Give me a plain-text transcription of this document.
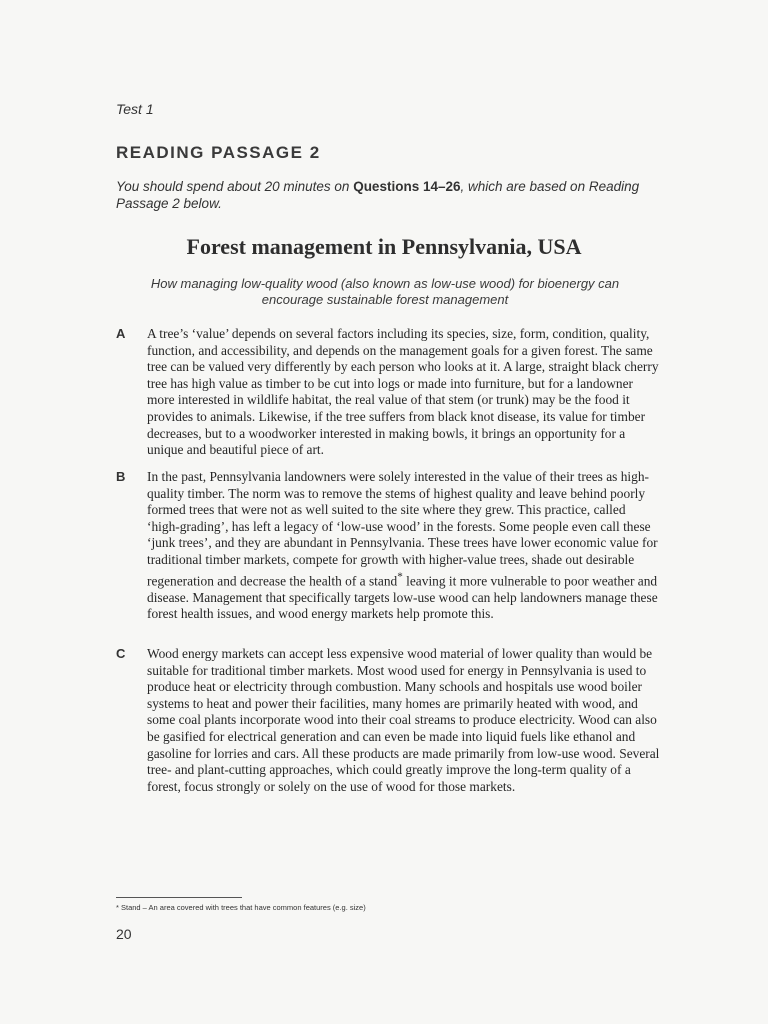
Test 1
READING PASSAGE 2
You should spend about 20 minutes on Questions 14–26, which are based on Reading Passage 2 below.
Forest management in Pennsylvania, USA
How managing low-quality wood (also known as low-use wood) for bioenergy can encourage sustainable forest management
A A tree’s ‘value’ depends on several factors including its species, size, form, condition, quality, function, and accessibility, and depends on the management goals for a given forest. The same tree can be valued very differently by each person who looks at it. A large, straight black cherry tree has high value as timber to be cut into logs or made into furniture, but for a landowner more interested in wildlife habitat, the real value of that stem (or trunk) may be the food it provides to animals. Likewise, if the tree suffers from black knot disease, its value for timber decreases, but to a woodworker interested in making bowls, it brings an opportunity for a unique and beautiful piece of art.
B In the past, Pennsylvania landowners were solely interested in the value of their trees as high-quality timber. The norm was to remove the stems of highest quality and leave behind poorly formed trees that were not as well suited to the site where they grew. This practice, called ‘high-grading’, has left a legacy of ‘low-use wood’ in the forests. Some people even call these ‘junk trees’, and they are abundant in Pennsylvania. These trees have lower economic value for traditional timber markets, compete for growth with higher-value trees, shade out desirable regeneration and decrease the health of a stand* leaving it more vulnerable to poor weather and disease. Management that specifically targets low-use wood can help landowners manage these forest health issues, and wood energy markets help promote this.
C Wood energy markets can accept less expensive wood material of lower quality than would be suitable for traditional timber markets. Most wood used for energy in Pennsylvania is used to produce heat or electricity through combustion. Many schools and hospitals use wood boiler systems to heat and power their facilities, many homes are primarily heated with wood, and some coal plants incorporate wood into their coal streams to produce electricity. Wood can also be gasified for electrical generation and can even be made into liquid fuels like ethanol and gasoline for lorries and cars. All these products are made primarily from low-use wood. Several tree- and plant-cutting approaches, which could greatly improve the long-term quality of a forest, focus strongly or solely on the use of wood for those markets.
* Stand – An area covered with trees that have common features (e.g. size)
20
